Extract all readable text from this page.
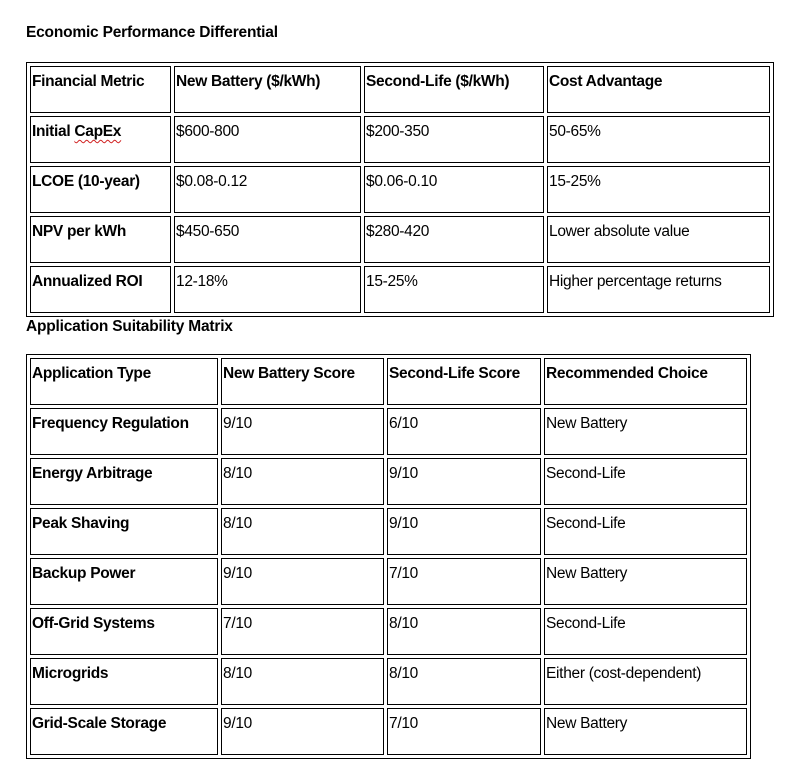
Economic Performance Differential
Financial Metric	New Battery ($/kWh)	Second-Life ($/kWh)	Cost Advantage
Initial CapEx	$600-800	$200-350	50-65%
LCOE (10-year)	$0.08-0.12	$0.06-0.10	15-25%
NPV per kWh	$450-650	$280-420	Lower absolute value
Annualized ROI	12-18%	15-25%	Higher percentage returns
Application Suitability Matrix
Application Type	New Battery Score	Second-Life Score	Recommended Choice
Frequency Regulation	9/10	6/10	New Battery
Energy Arbitrage	8/10	9/10	Second-Life
Peak Shaving	8/10	9/10	Second-Life
Backup Power	9/10	7/10	New Battery
Off-Grid Systems	7/10	8/10	Second-Life
Microgrids	8/10	8/10	Either (cost-dependent)
Grid-Scale Storage	9/10	7/10	New Battery
